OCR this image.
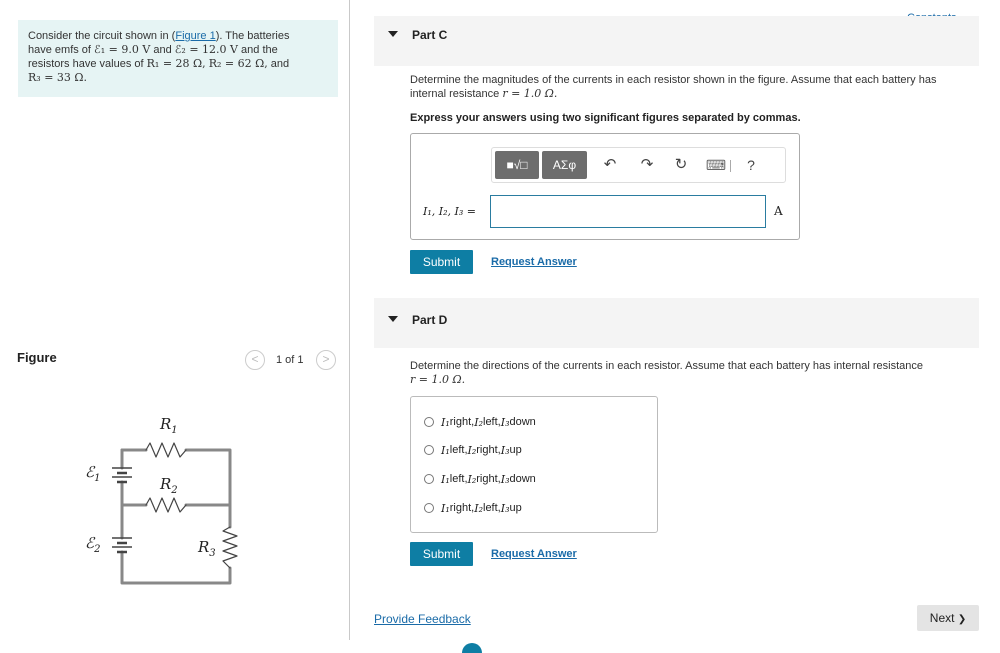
Consider the circuit shown in (Figure 1). The batteries
have emfs of ℰ₁ = 9.0 V and ℰ₂ = 12.0 V and the
resistors have values of R₁ = 28 Ω, R₂ = 62 Ω, and
R₃ = 33 Ω.
Figure	<	1 of 1	>
$R_1$
$R_2$
$R_3$
ℰ$_1$
ℰ$_2$
Part C
Determine the magnitudes of the currents in each resistor shown in the figure. Assume that each battery has
internal resistance r = 1.0 Ω.
Express your answers using two significant figures separated by commas.
■√□	ΑΣφ	↶	↷	↻	⌨	?
I₁, I₂, I₃ =	A
Submit	Request Answer
Part D
Determine the directions of the currents in each resistor. Assume that each battery has internal resistance
r = 1.0 Ω.
I₁ right, I₂ left, I₃ down
I₁ left, I₂ right, I₃ up
I₁ left, I₂ right, I₃ down
I₁ right, I₂ left, I₃ up
Submit	Request Answer
Provide Feedback	Next ❯
